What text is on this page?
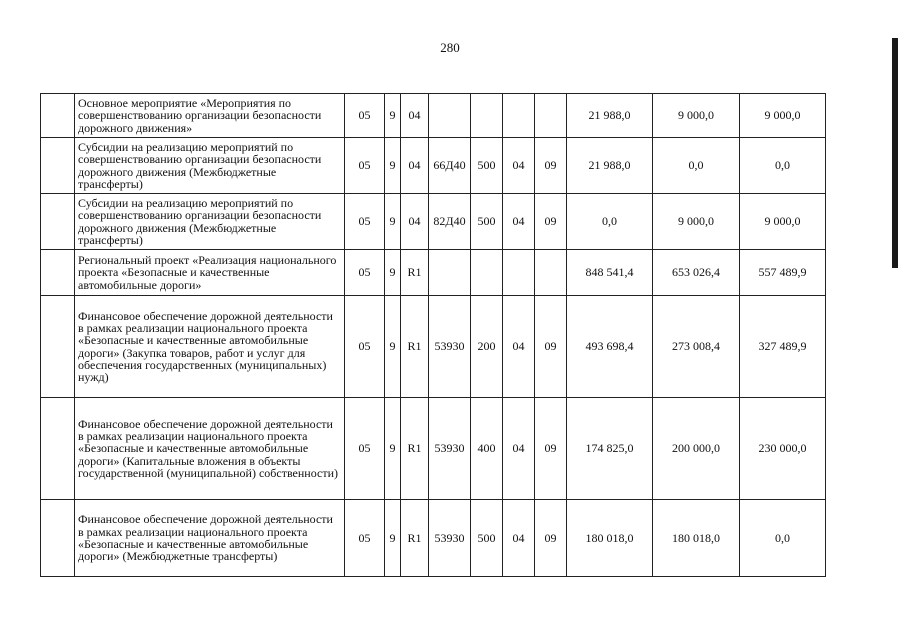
280
	Основное мероприятие «Мероприятия по совершенствованию организации безопасности дорожного движения»	05	9	04					21 988,0	9 000,0	9 000,0
	Субсидии на реализацию мероприятий по совершенствованию организации безопасности дорожного движения (Межбюджетные трансферты)	05	9	04	66Д40	500	04	09	21 988,0	0,0	0,0
	Субсидии на реализацию мероприятий по совершенствованию организации безопасности дорожного движения (Межбюджетные трансферты)	05	9	04	82Д40	500	04	09	0,0	9 000,0	9 000,0
	Региональный проект «Реализация национального проекта «Безопасные и качественные автомобильные дороги»	05	9	R1					848 541,4	653 026,4	557 489,9
	Финансовое обеспечение дорожной деятельности в рамках реализации национального проекта «Безопасные и качественные автомобильные дороги» (Закупка товаров, работ и услуг для обеспечения государственных (муниципальных) нужд)	05	9	R1	53930	200	04	09	493 698,4	273 008,4	327 489,9
	Финансовое обеспечение дорожной деятельности в рамках реализации национального проекта «Безопасные и качественные автомобильные дороги» (Капитальные вложения в объекты государственной (муниципальной) собственности)	05	9	R1	53930	400	04	09	174 825,0	200 000,0	230 000,0
	Финансовое обеспечение дорожной деятельности в рамках реализации национального проекта «Безопасные и качественные автомобильные дороги» (Межбюджетные трансферты)	05	9	R1	53930	500	04	09	180 018,0	180 018,0	0,0
